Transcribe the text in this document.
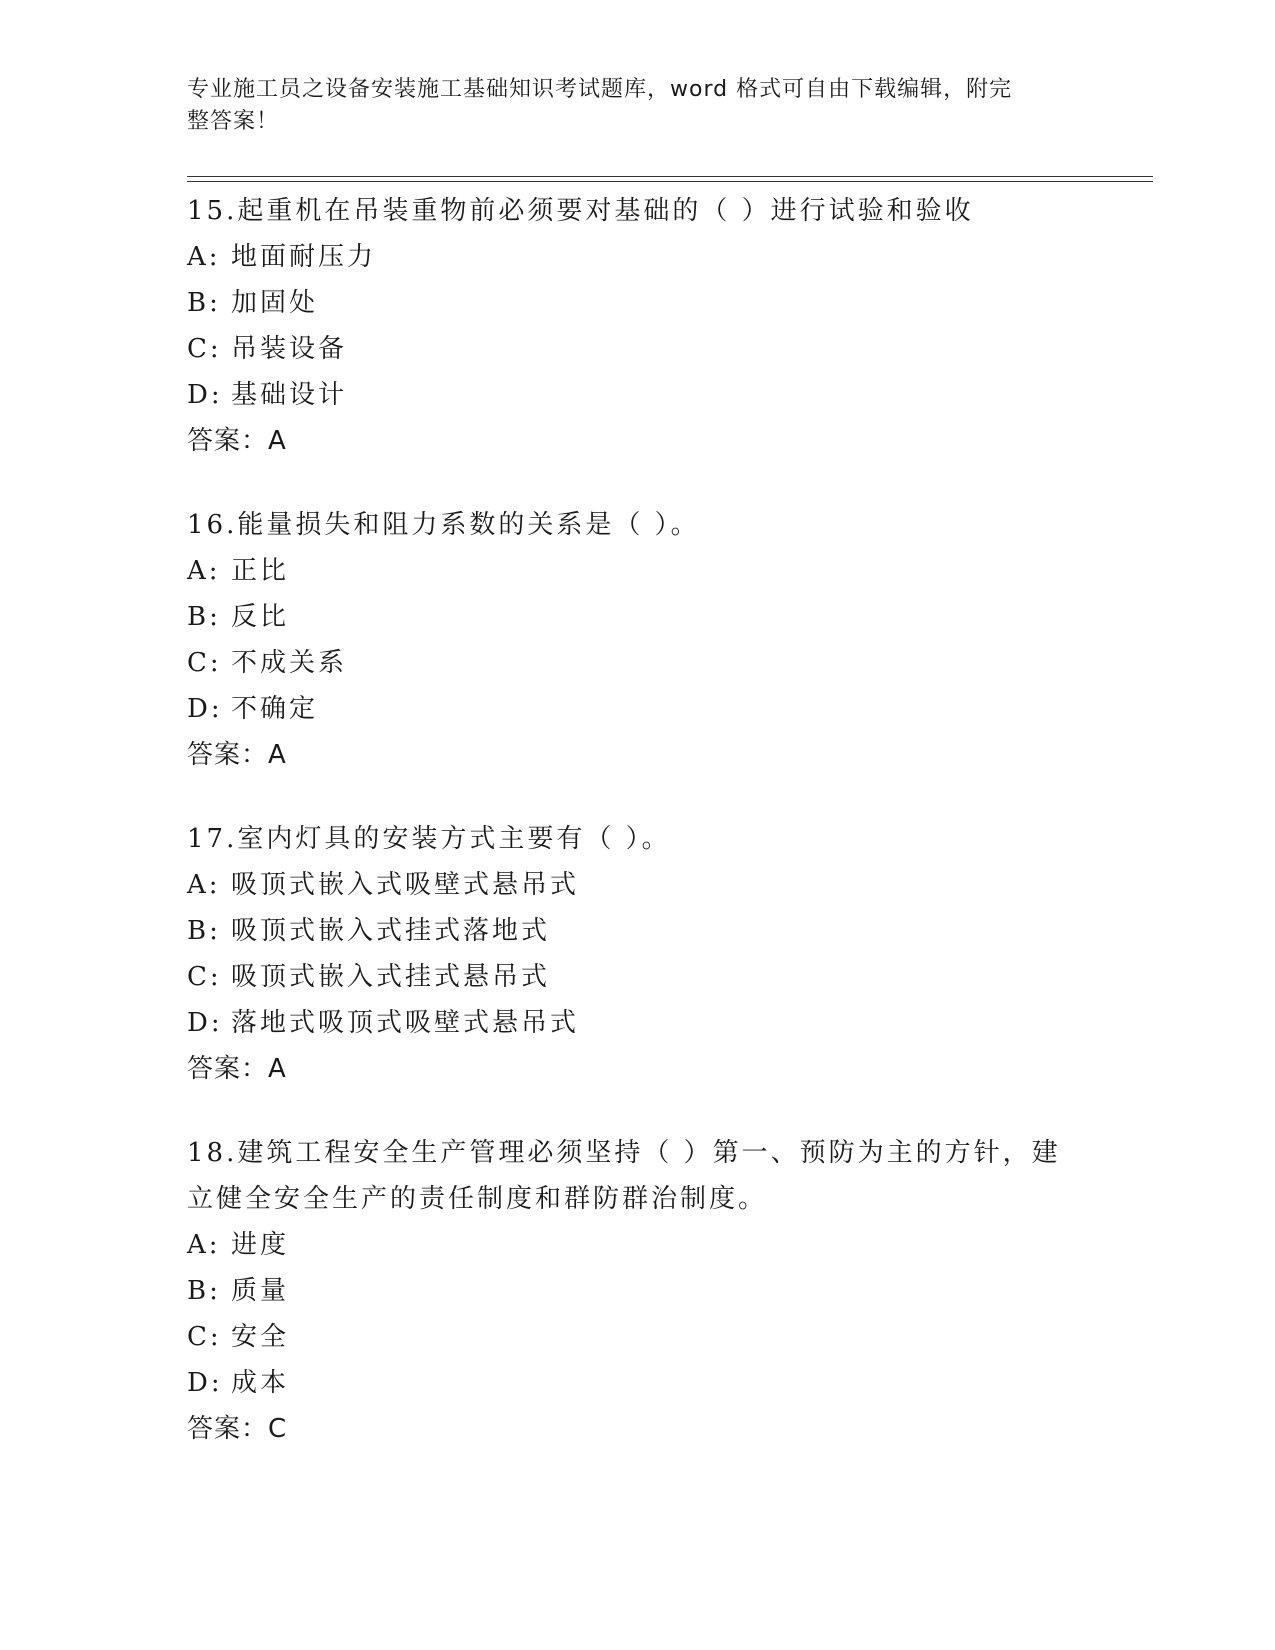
专业施工员之设备安装施工基础知识考试题库，word 格式可自由下载编辑，附完
整答案！
15.起重机在吊装重物前必须要对基础的（ ）进行试验和验收
A: 地面耐压力
B: 加固处
C: 吊装设备
D: 基础设计
答案：A
16.能量损失和阻力系数的关系是（ ）。
A: 正比
B: 反比
C: 不成关系
D: 不确定
答案：A
17.室内灯具的安装方式主要有（ ）。
A: 吸顶式嵌入式吸壁式悬吊式
B: 吸顶式嵌入式挂式落地式
C: 吸顶式嵌入式挂式悬吊式
D: 落地式吸顶式吸壁式悬吊式
答案：A
18.建筑工程安全生产管理必须坚持（ ）第一、预防为主的方针，建立健全安全生产的责任制度和群防群治制度。
A: 进度
B: 质量
C: 安全
D: 成本
答案：C
